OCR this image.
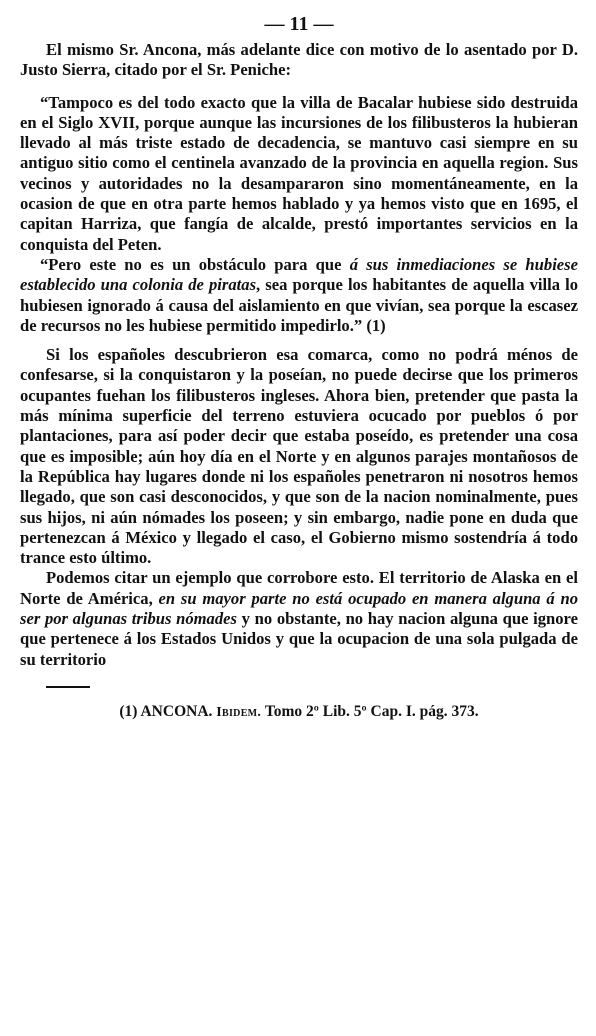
— 11 —

El mismo Sr. Ancona, más adelante dice con motivo de lo asentado por D. Justo Sierra, citado por el Sr. Peniche:

“Tampoco es del todo exacto que la villa de Bacalar hubiese sido destruida en el Siglo XVII, porque aunque las incursiones de los filibusteros la hubieran llevado al más triste estado de decadencia, se mantuvo casi siempre en su antiguo sitio como el centinela avanzado de la provincia en aquella region. Sus vecinos y autoridades no la desampararon sino momentáneamente, en la ocasion de que en otra parte hemos hablado y ya hemos visto que en 1695, el capitan Harriza, que fangía de alcalde, prestó importantes servicios en la conquista del Peten.

“Pero este no es un obstáculo para que á sus inmediaciones se hubiese establecido una colonia de piratas, sea porque los habitantes de aquella villa lo hubiesen ignorado á causa del aislamiento en que vivían, sea porque la escasez de recursos no les hubiese permitido impedirlo.” (1)

Si los españoles descubrieron esa comarca, como no podrá ménos de confesarse, si la conquistaron y la poseían, no puede decirse que los primeros ocupantes fuehan los filibusteros ingleses. Ahora bien, pretender que pasta la más mínima superficie del terreno estuviera ocucado por pueblos ó por plantaciones, para así poder decir que estaba poseído, es pretender una cosa que es imposible; aún hoy día en el Norte y en algunos parajes montañosos de la República hay lugares donde ni los españoles penetraron ni nosotros hemos llegado, que son casi desconocidos, y que son de la nacion nominalmente, pues sus hijos, ni aún nómades los poseen; y sin embargo, nadie pone en duda que pertenezcan á México y llegado el caso, el Gobierno mismo sostendría á todo trance esto último.

Podemos citar un ejemplo que corrobore esto. El territorio de Alaska en el Norte de América, en su mayor parte no está ocupado en manera alguna á no ser por algunas tribus nómades y no obstante, no hay nacion alguna que ignore que pertenece á los Estados Unidos y que la ocupacion de una sola pulgada de su territorio

(1) ANCONA. Ibidem. Tomo 2º Lib. 5º Cap. I. pág. 373.
